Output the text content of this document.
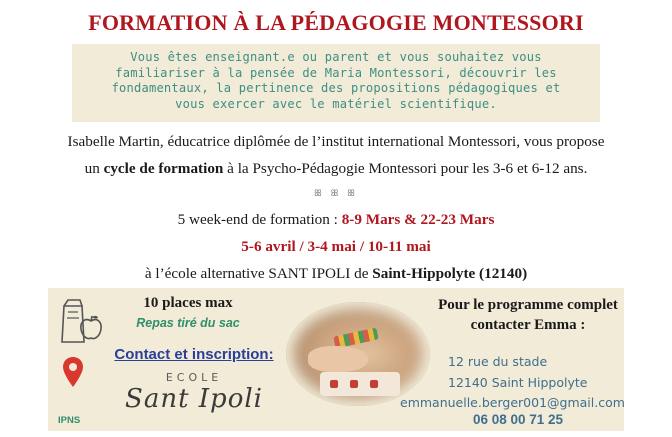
FORMATION À LA PÉDAGOGIE MONTESSORI
Vous êtes enseignant.e ou parent et vous souhaitez vous
familiariser à la pensée de Maria Montessori, découvrir les
fondamentaux, la pertinence des propositions pédagogiques et
vous exercer avec le matériel scientifique.
Isabelle Martin, éducatrice diplômée de l’institut international Montessori, vous propose
un cycle de formation à la Psycho-Pédagogie Montessori pour les 3-6 et 6-12 ans.
ꕥ ꕥ ꕥ
5 week-end de formation : 8-9 Mars & 22-23 Mars
5-6 avril / 3-4 mai / 10-11 mai
à l’école alternative SANT IPOLI de Saint-Hippolyte (12140)
10 places max
Repas tiré du sac
Contact et inscription:
ECOLE
Sant Ipoli
IPNS
Pour le programme complet
contacter Emma :
12 rue du stade
12140 Saint Hippolyte
emmanuelle.berger001@gmail.com
06 08 00 71 25
